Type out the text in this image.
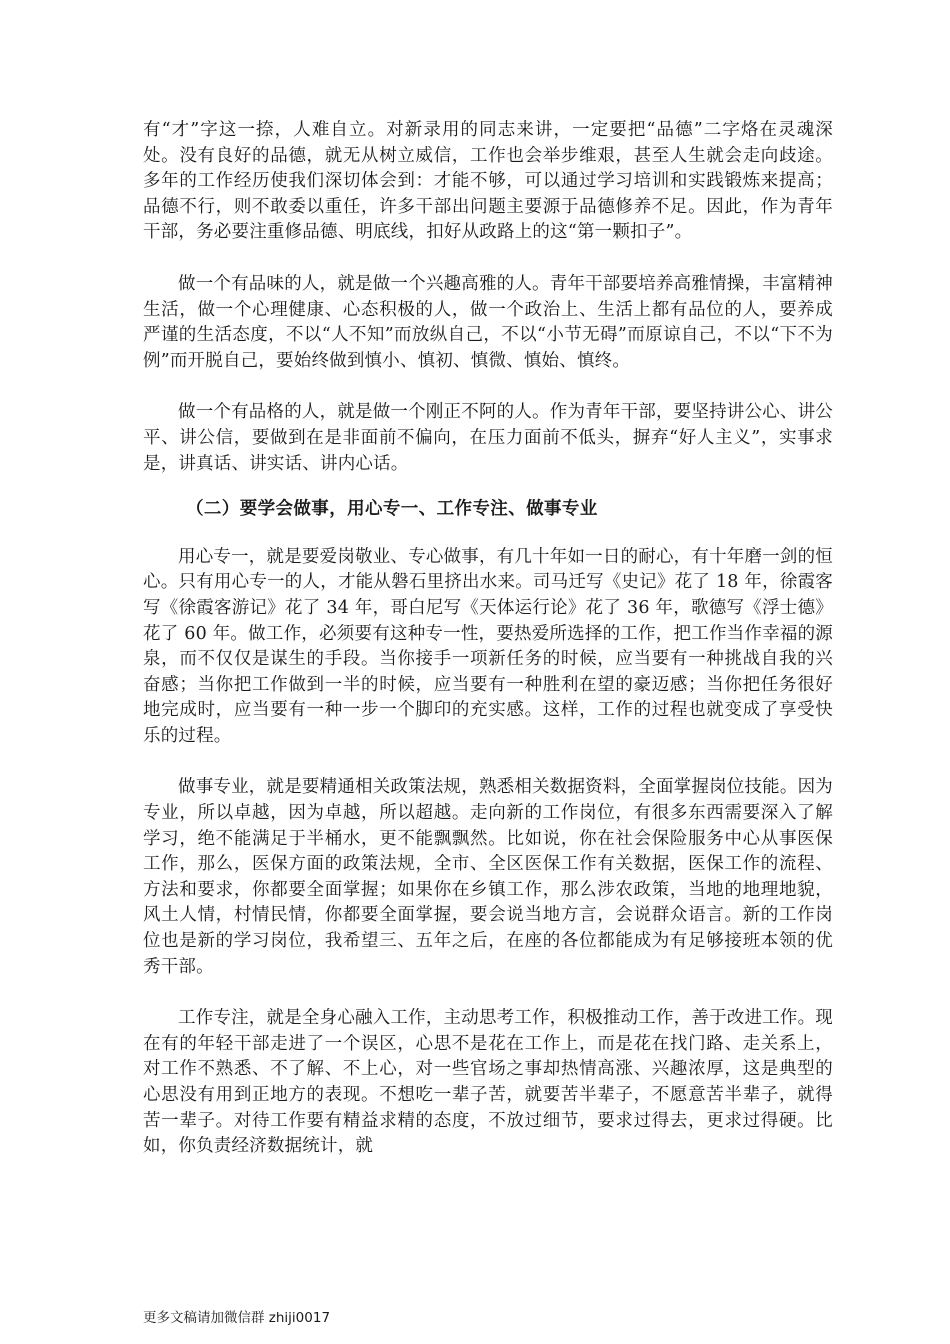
有“才”字这一捺，人难自立。对新录用的同志来讲，一定要把“品德”二字烙在灵魂深处。没有良好的品德，就无从树立威信，工作也会举步维艰，甚至人生就会走向歧途。多年的工作经历使我们深切体会到：才能不够，可以通过学习培训和实践锻炼来提高；品德不行，则不敢委以重任，许多干部出问题主要源于品德修养不足。因此，作为青年干部，务必要注重修品德、明底线，扣好从政路上的这“第一颗扣子”。

做一个有品味的人，就是做一个兴趣高雅的人。青年干部要培养高雅情操，丰富精神生活，做一个心理健康、心态积极的人，做一个政治上、生活上都有品位的人，要养成严谨的生活态度，不以“人不知”而放纵自己，不以“小节无碍”而原谅自己，不以“下不为例”而开脱自己，要始终做到慎小、慎初、慎微、慎始、慎终。

做一个有品格的人，就是做一个刚正不阿的人。作为青年干部，要坚持讲公心、讲公平、讲公信，要做到在是非面前不偏向，在压力面前不低头，摒弃“好人主义”，实事求是，讲真话、讲实话、讲内心话。

（二）要学会做事，用心专一、工作专注、做事专业

用心专一，就是要爱岗敬业、专心做事，有几十年如一日的耐心，有十年磨一剑的恒心。只有用心专一的人，才能从磐石里挤出水来。司马迁写《史记》花了 18 年，徐霞客写《徐霞客游记》花了 34 年，哥白尼写《天体运行论》花了 36 年，歌德写《浮士德》花了 60 年。做工作，必须要有这种专一性，要热爱所选择的工作，把工作当作幸福的源泉，而不仅仅是谋生的手段。当你接手一项新任务的时候，应当要有一种挑战自我的兴奋感；当你把工作做到一半的时候，应当要有一种胜利在望的豪迈感；当你把任务很好地完成时，应当要有一种一步一个脚印的充实感。这样，工作的过程也就变成了享受快乐的过程。

做事专业，就是要精通相关政策法规，熟悉相关数据资料，全面掌握岗位技能。因为专业，所以卓越，因为卓越，所以超越。走向新的工作岗位，有很多东西需要深入了解学习，绝不能满足于半桶水，更不能飘飘然。比如说，你在社会保险服务中心从事医保工作，那么，医保方面的政策法规，全市、全区医保工作有关数据，医保工作的流程、方法和要求，你都要全面掌握；如果你在乡镇工作，那么涉农政策，当地的地理地貌，风土人情，村情民情，你都要全面掌握，要会说当地方言，会说群众语言。新的工作岗位也是新的学习岗位，我希望三、五年之后，在座的各位都能成为有足够接班本领的优秀干部。

工作专注，就是全身心融入工作，主动思考工作，积极推动工作，善于改进工作。现在有的年轻干部走进了一个误区，心思不是花在工作上，而是花在找门路、走关系上，对工作不熟悉、不了解、不上心，对一些官场之事却热情高涨、兴趣浓厚，这是典型的心思没有用到正地方的表现。不想吃一辈子苦，就要苦半辈子，不愿意苦半辈子，就得苦一辈子。对待工作要有精益求精的态度，不放过细节，要求过得去，更求过得硬。比如，你负责经济数据统计，就

更多文稿请加微信群 zhiji0017
